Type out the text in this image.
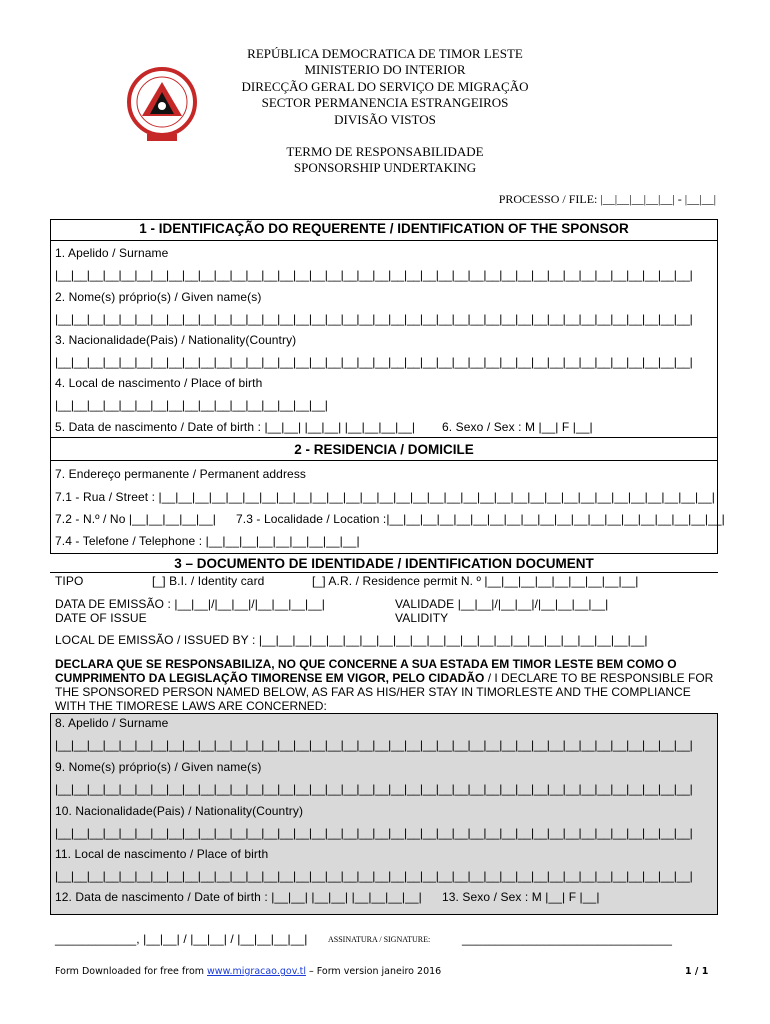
REPÚBLICA DEMOCRATICA DE TIMOR LESTE
MINISTERIO DO INTERIOR
DIRECÇÃO GERAL DO SERVIÇO DE MIGRAÇÃO
SECTOR PERMANENCIA ESTRANGEIROS
DIVISÃO VISTOS
TERMO DE RESPONSABILIDADE
SPONSORSHIP UNDERTAKING
PROCESSO / FILE: |__|__|__|__|__| - |__|__|
1 - IDENTIFICAÇÃO DO REQUERENTE / IDENTIFICATION OF THE SPONSOR
1. Apelido / Surname
|__|__|__|__|__|__|__|__|__|__|__|__|__|__|__|__|__|__|__|__|__|__|__|__|__|__|__|__|__|__|__|__|__|__|__|__|__|__|__|__|
2. Nome(s) próprio(s) / Given name(s)
|__|__|__|__|__|__|__|__|__|__|__|__|__|__|__|__|__|__|__|__|__|__|__|__|__|__|__|__|__|__|__|__|__|__|__|__|__|__|__|__|
3. Nacionalidade(Pais) / Nationality(Country)
|__|__|__|__|__|__|__|__|__|__|__|__|__|__|__|__|__|__|__|__|__|__|__|__|__|__|__|__|__|__|__|__|__|__|__|__|__|__|__|__|
4. Local de nascimento / Place of birth
|__|__|__|__|__|__|__|__|__|__|__|__|__|__|__|__|__|
5. Data de nascimento / Date of birth : |__|__| |__|__| |__|__|__|__| 6. Sexo / Sex : M |__| F |__|
2 - RESIDENCIA / DOMICILE
7. Endereço permanente / Permanent address
7.1 - Rua / Street : |__|__|__|__|__|__|__|__|__|__|__|__|__|__|__|__|__|__|__|__|__|__|__|__|__|__|__|__|__|__|__|__|__|
7.2 - N.º / No |__|__|__|__|__| 7.3 - Localidade / Location :|__|__|__|__|__|__|__|__|__|__|__|__|__|__|__|__|__|__|__|__|
7.4 - Telefone / Telephone : |__|__|__|__|__|__|__|__|__|
3 – DOCUMENTO DE IDENTIDADE / IDENTIFICATION DOCUMENT
TIPO	[_] B.I. / Identity card	[_] A.R. / Residence permit N. º |__|__|__|__|__|__|__|__|__|
DATA DE EMISSÃO : |__|__|/|__|__|/|__|__|__|__|
DATE OF ISSUE
VALIDADE |__|__|/|__|__|/|__|__|__|__|
VALIDITY
LOCAL DE EMISSÃO / ISSUED BY : |__|__|__|__|__|__|__|__|__|__|__|__|__|__|__|__|__|__|__|__|__|__|__|
DECLARA QUE SE RESPONSABILIZA, NO QUE CONCERNE A SUA ESTADA EM TIMOR LESTE BEM COMO O CUMPRIMENTO DA LEGISLAÇÃO TIMORENSE EM VIGOR, PELO CIDADÃO / I DECLARE TO BE RESPONSIBLE FOR THE SPONSORED PERSON NAMED BELOW, AS FAR AS HIS/HER STAY IN TIMORLESTE AND THE COMPLIANCE WITH THE TIMORESE LAWS ARE CONCERNED:
8. Apelido / Surname
|__|__|__|__|__|__|__|__|__|__|__|__|__|__|__|__|__|__|__|__|__|__|__|__|__|__|__|__|__|__|__|__|__|__|__|__|__|__|__|__|
9. Nome(s) próprio(s) / Given name(s)
|__|__|__|__|__|__|__|__|__|__|__|__|__|__|__|__|__|__|__|__|__|__|__|__|__|__|__|__|__|__|__|__|__|__|__|__|__|__|__|__|
10. Nacionalidade(Pais) / Nationality(Country)
|__|__|__|__|__|__|__|__|__|__|__|__|__|__|__|__|__|__|__|__|__|__|__|__|__|__|__|__|__|__|__|__|__|__|__|__|__|__|__|__|
11. Local de nascimento / Place of birth
|__|__|__|__|__|__|__|__|__|__|__|__|__|__|__|__|__|__|__|__|__|__|__|__|__|__|__|__|__|__|__|__|__|__|__|__|__|__|__|__|
12. Data de nascimento / Date of birth : |__|__| |__|__| |__|__|__|__| 13. Sexo / Sex : M |__| F |__|
____________, |__|__| / |__|__| / |__|__|__|__|	ASSINATURA / SIGNATURE:	_______________________________
Form Downloaded for free from www.migracao.gov.tl – Form version janeiro 2016	1 / 1
